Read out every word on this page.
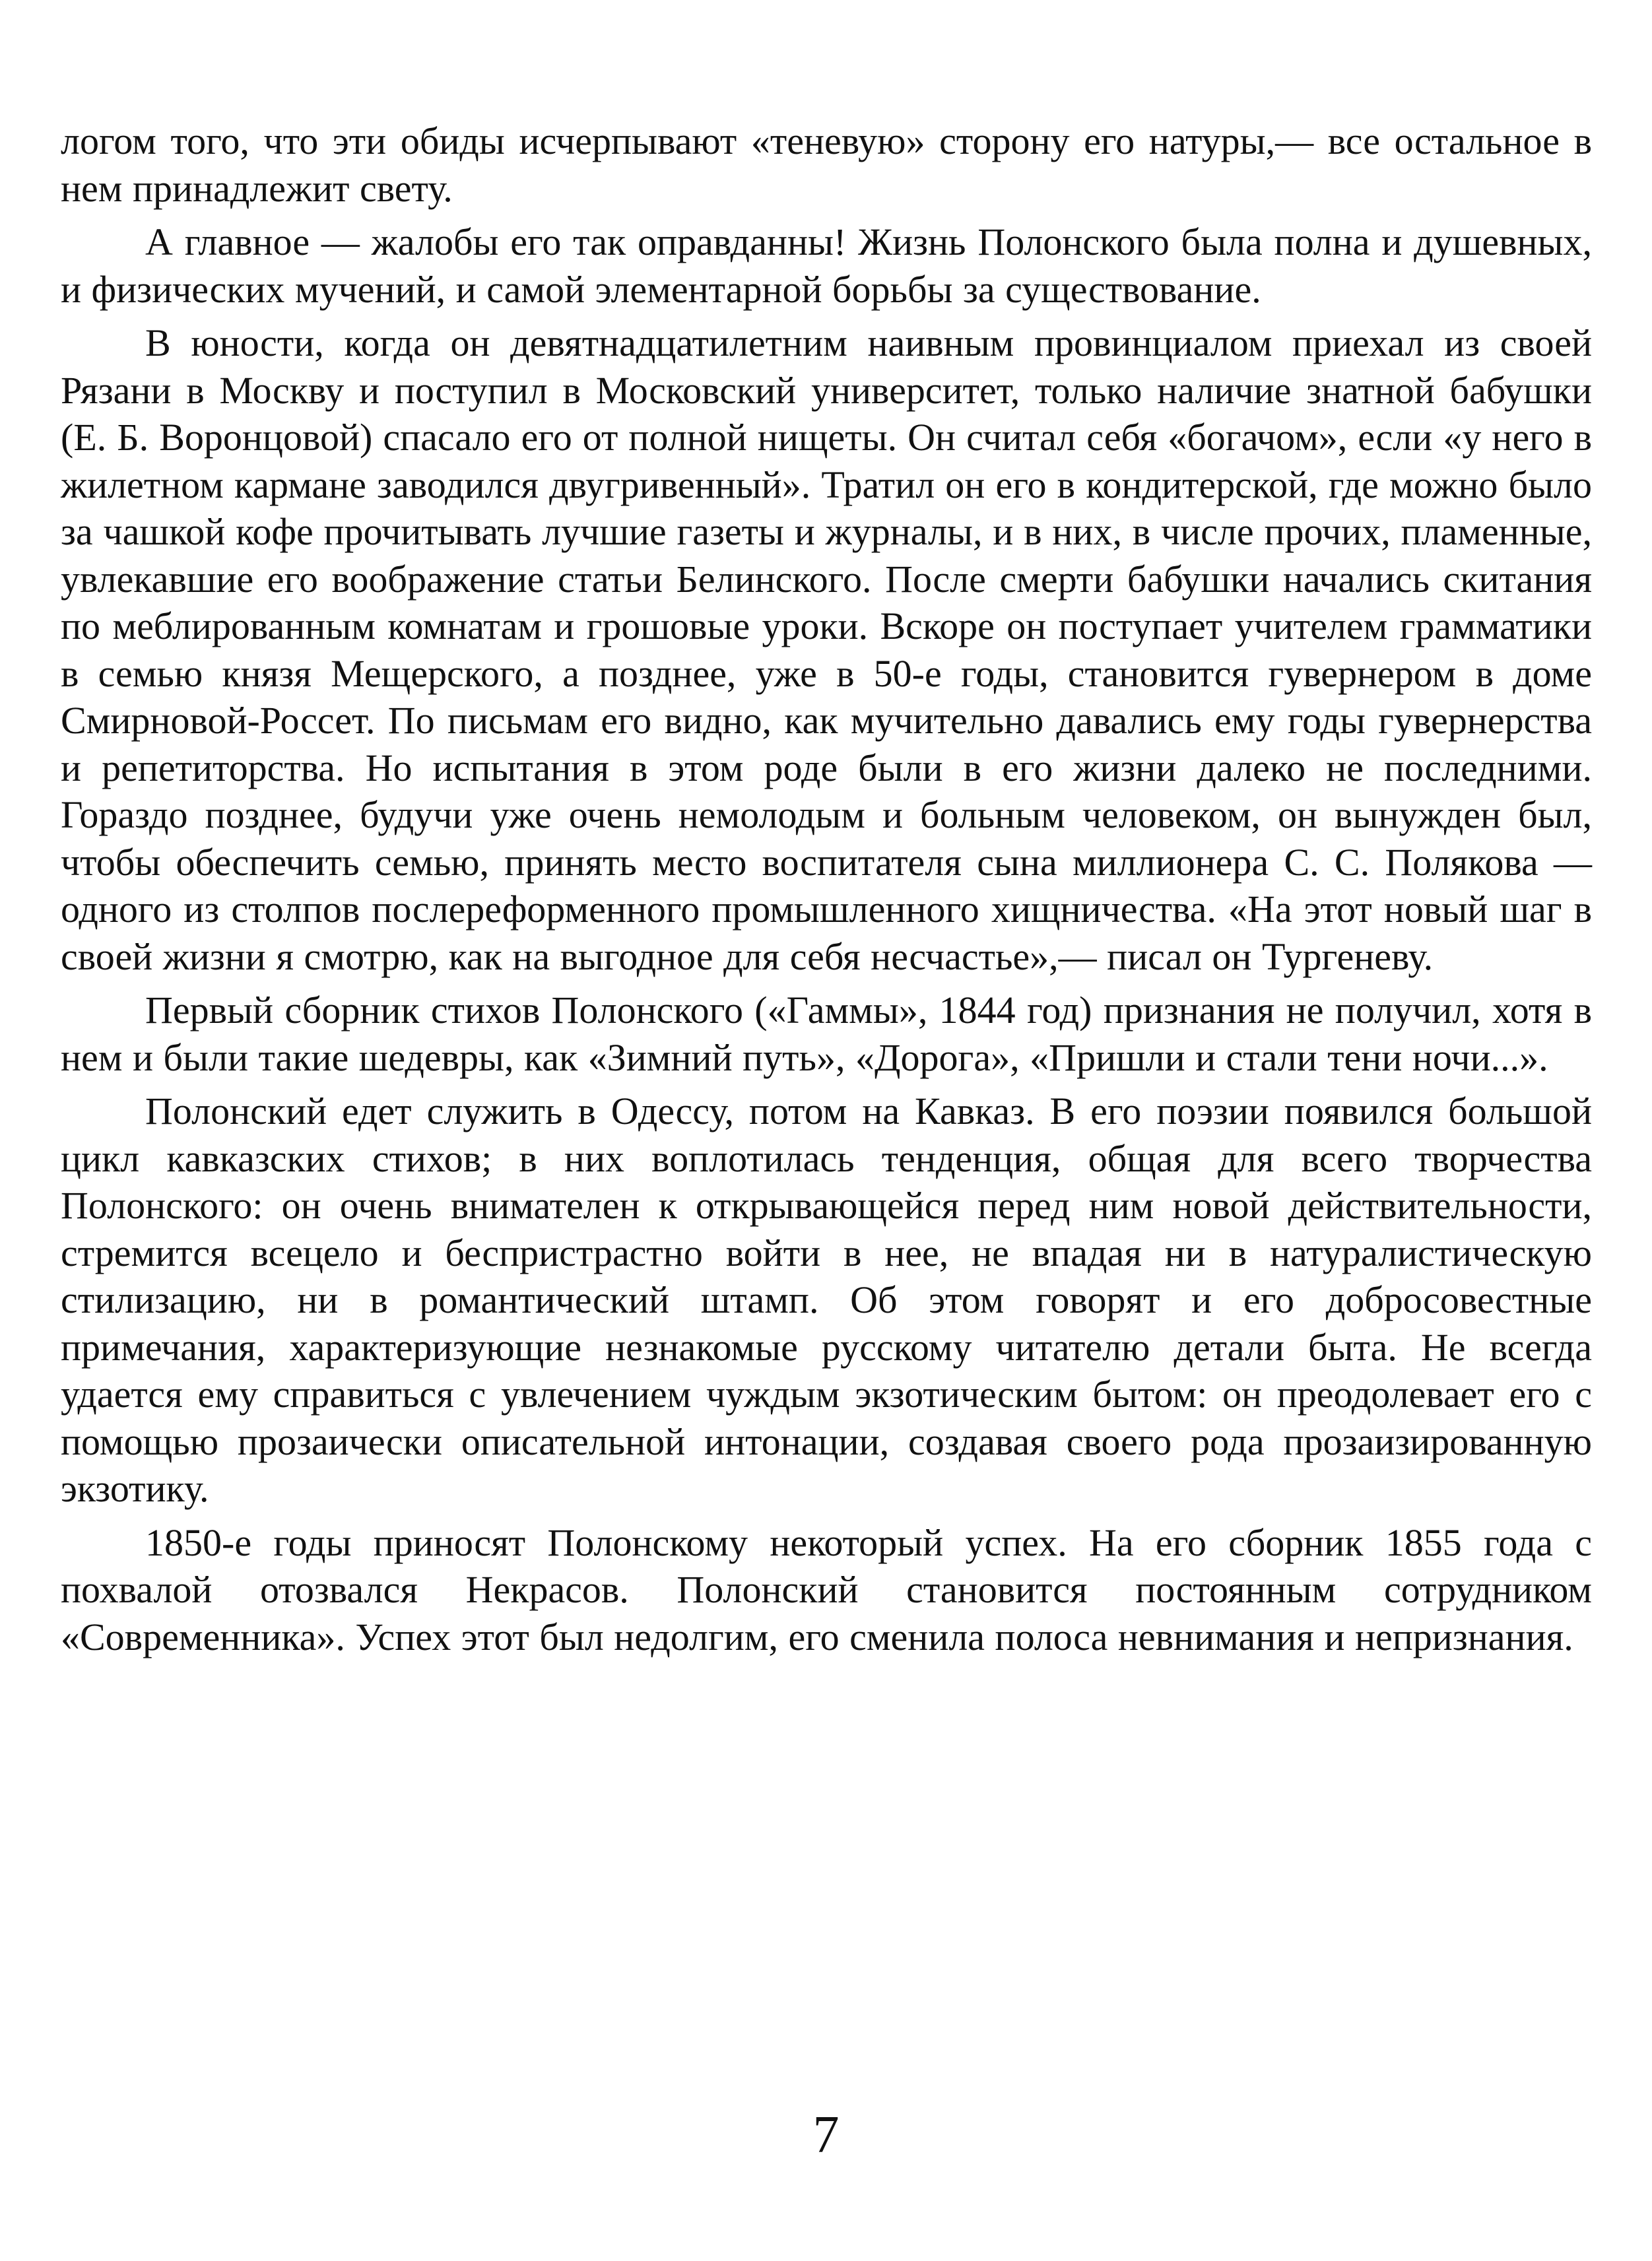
логом того, что эти обиды исчерпывают «теневую» сторону его натуры,— все остальное в нем принадлежит свету.

А главное — жалобы его так оправданны! Жизнь Полонского была полна и душевных, и физических мучений, и самой элементарной борьбы за существование.

В юности, когда он девятнадцатилетним наивным провинциалом приехал из своей Рязани в Москву и поступил в Московский университет, только наличие знатной бабушки (Е. Б. Воронцовой) спасало его от полной нищеты. Он считал себя «богачом», если «у него в жилетном кармане заводился двугривенный». Тратил он его в кондитерской, где можно было за чашкой кофе прочитывать лучшие газеты и журналы, и в них, в числе прочих, пламенные, увлекавшие его воображение статьи Белинского. После смерти бабушки начались скитания по меблированным комнатам и грошовые уроки. Вскоре он поступает учителем грамматики в семью князя Мещерского, а позднее, уже в 50-е годы, становится гувернером в доме Смирновой-Россет. По письмам его видно, как мучительно давались ему годы гувернерства и репетиторства. Но испытания в этом роде были в его жизни далеко не последними. Гораздо позднее, будучи уже очень немолодым и больным человеком, он вынужден был, чтобы обеспечить семью, принять место воспитателя сына миллионера С. С. Полякова — одного из столпов послереформенного промышленного хищничества. «На этот новый шаг в своей жизни я смотрю, как на выгодное для себя несчастье»,— писал он Тургеневу.

Первый сборник стихов Полонского («Гаммы», 1844 год) признания не получил, хотя в нем и были такие шедевры, как «Зимний путь», «Дорога», «Пришли и стали тени ночи...».

Полонский едет служить в Одессу, потом на Кавказ. В его поэзии появился большой цикл кавказских стихов; в них воплотилась тенденция, общая для всего творчества Полонского: он очень внимателен к открывающейся перед ним новой действительности, стремится всецело и беспристрастно войти в нее, не впадая ни в натуралистическую стилизацию, ни в романтический штамп. Об этом говорят и его добросовестные примечания, характеризующие незнакомые русскому читателю детали быта. Не всегда удается ему справиться с увлечением чуждым экзотическим бытом: он преодолевает его с помощью прозаически описательной интонации, создавая своего рода прозаизированную экзотику.

1850-е годы приносят Полонскому некоторый успех. На его сборник 1855 года с похвалой отозвался Некрасов. Полонский становится постоянным сотрудником «Современника». Успех этот был недолгим, его сменила полоса невнимания и непризнания.

7
